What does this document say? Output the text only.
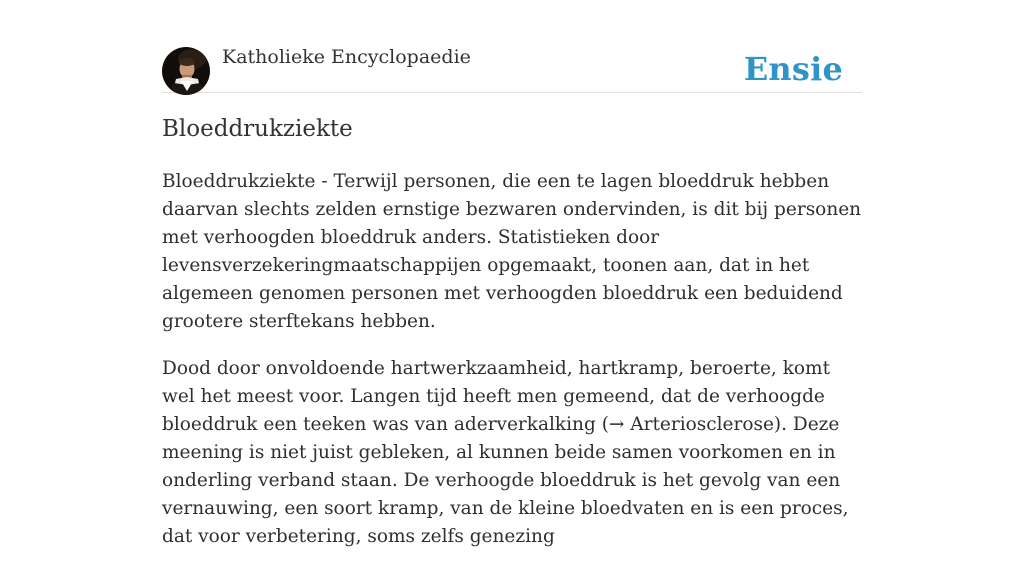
Katholieke Encyclopaedie	Ensie
Bloeddrukziekte

Bloeddrukziekte - Terwijl personen, die een te lagen bloeddruk hebben daarvan slechts zelden ernstige bezwaren ondervinden, is dit bij personen met verhoogden bloeddruk anders. Statistieken door levensverzekeringmaatschappijen opgemaakt, toonen aan, dat in het algemeen genomen personen met verhoogden bloeddruk een beduidend grootere sterftekans hebben.

Dood door onvoldoende hartwerkzaamheid, hartkramp, beroerte, komt wel het meest voor. Langen tijd heeft men gemeend, dat de verhoogde bloeddruk een teeken was van aderverkalking (→ Arteriosclerose). Deze meening is niet juist gebleken, al kunnen beide samen voorkomen en in onderling verband staan. De verhoogde bloeddruk is het gevolg van een vernauwing, een soort kramp, van de kleine bloedvaten en is een proces, dat voor verbetering, soms zelfs genezing
